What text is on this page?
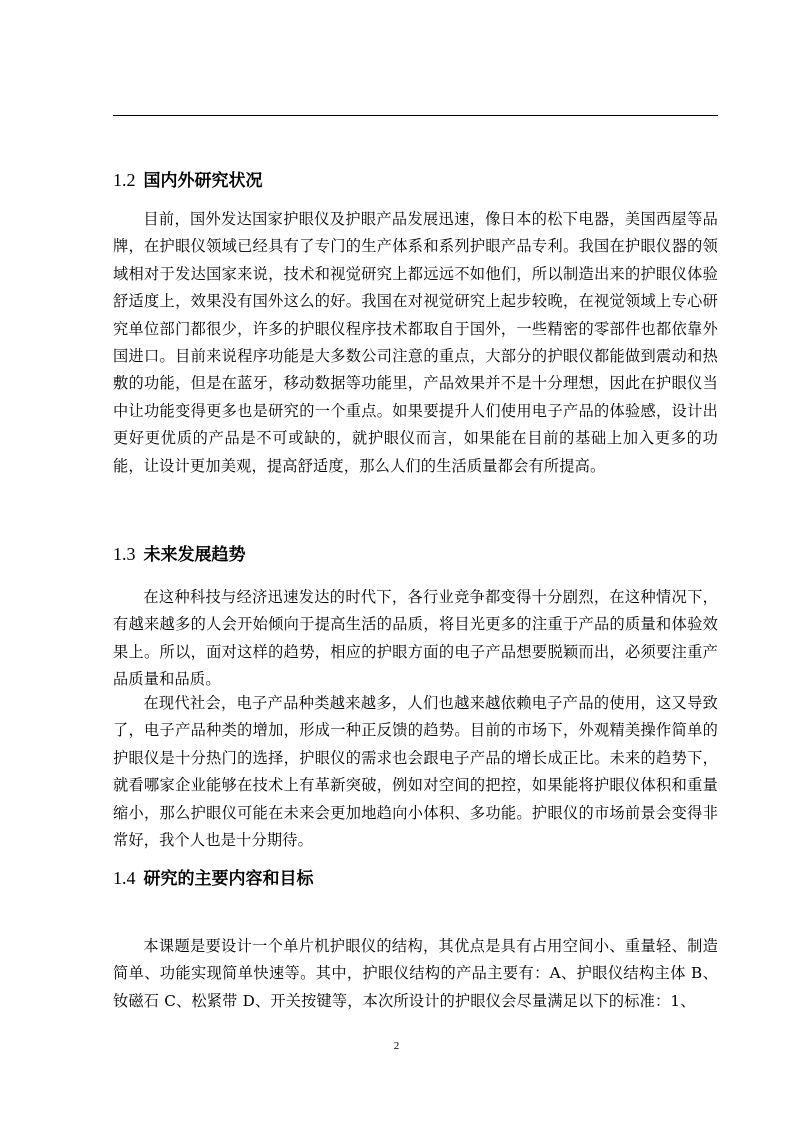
1.2 国内外研究状况

目前，国外发达国家护眼仪及护眼产品发展迅速，像日本的松下电器，美国西屋等品牌，在护眼仪领域已经具有了专门的生产体系和系列护眼产品专利。我国在护眼仪器的领域相对于发达国家来说，技术和视觉研究上都远远不如他们，所以制造出来的护眼仪体验舒适度上，效果没有国外这么的好。我国在对视觉研究上起步较晚，在视觉领域上专心研究单位部门都很少，许多的护眼仪程序技术都取自于国外，一些精密的零部件也都依靠外国进口。目前来说程序功能是大多数公司注意的重点，大部分的护眼仪都能做到震动和热敷的功能，但是在蓝牙，移动数据等功能里，产品效果并不是十分理想，因此在护眼仪当中让功能变得更多也是研究的一个重点。如果要提升人们使用电子产品的体验感，设计出更好更优质的产品是不可或缺的，就护眼仪而言，如果能在目前的基础上加入更多的功能，让设计更加美观，提高舒适度，那么人们的生活质量都会有所提高。

1.3 未来发展趋势

在这种科技与经济迅速发达的时代下，各行业竞争都变得十分剧烈，在这种情况下，有越来越多的人会开始倾向于提高生活的品质，将目光更多的注重于产品的质量和体验效果上。所以，面对这样的趋势，相应的护眼方面的电子产品想要脱颖而出，必须要注重产品质量和品质。

在现代社会，电子产品种类越来越多，人们也越来越依赖电子产品的使用，这又导致了，电子产品种类的增加，形成一种正反馈的趋势。目前的市场下，外观精美操作简单的护眼仪是十分热门的选择，护眼仪的需求也会跟电子产品的增长成正比。未来的趋势下，就看哪家企业能够在技术上有革新突破，例如对空间的把控，如果能将护眼仪体积和重量缩小，那么护眼仪可能在未来会更加地趋向小体积、多功能。护眼仪的市场前景会变得非常好，我个人也是十分期待。

1.4 研究的主要内容和目标

本课题是要设计一个单片机护眼仪的结构，其优点是具有占用空间小、重量轻、制造简单、功能实现简单快速等。其中，护眼仪结构的产品主要有：A、护眼仪结构主体 B、钕磁石 C、松紧带 D、开关按键等，本次所设计的护眼仪会尽量满足以下的标准：1、

2
